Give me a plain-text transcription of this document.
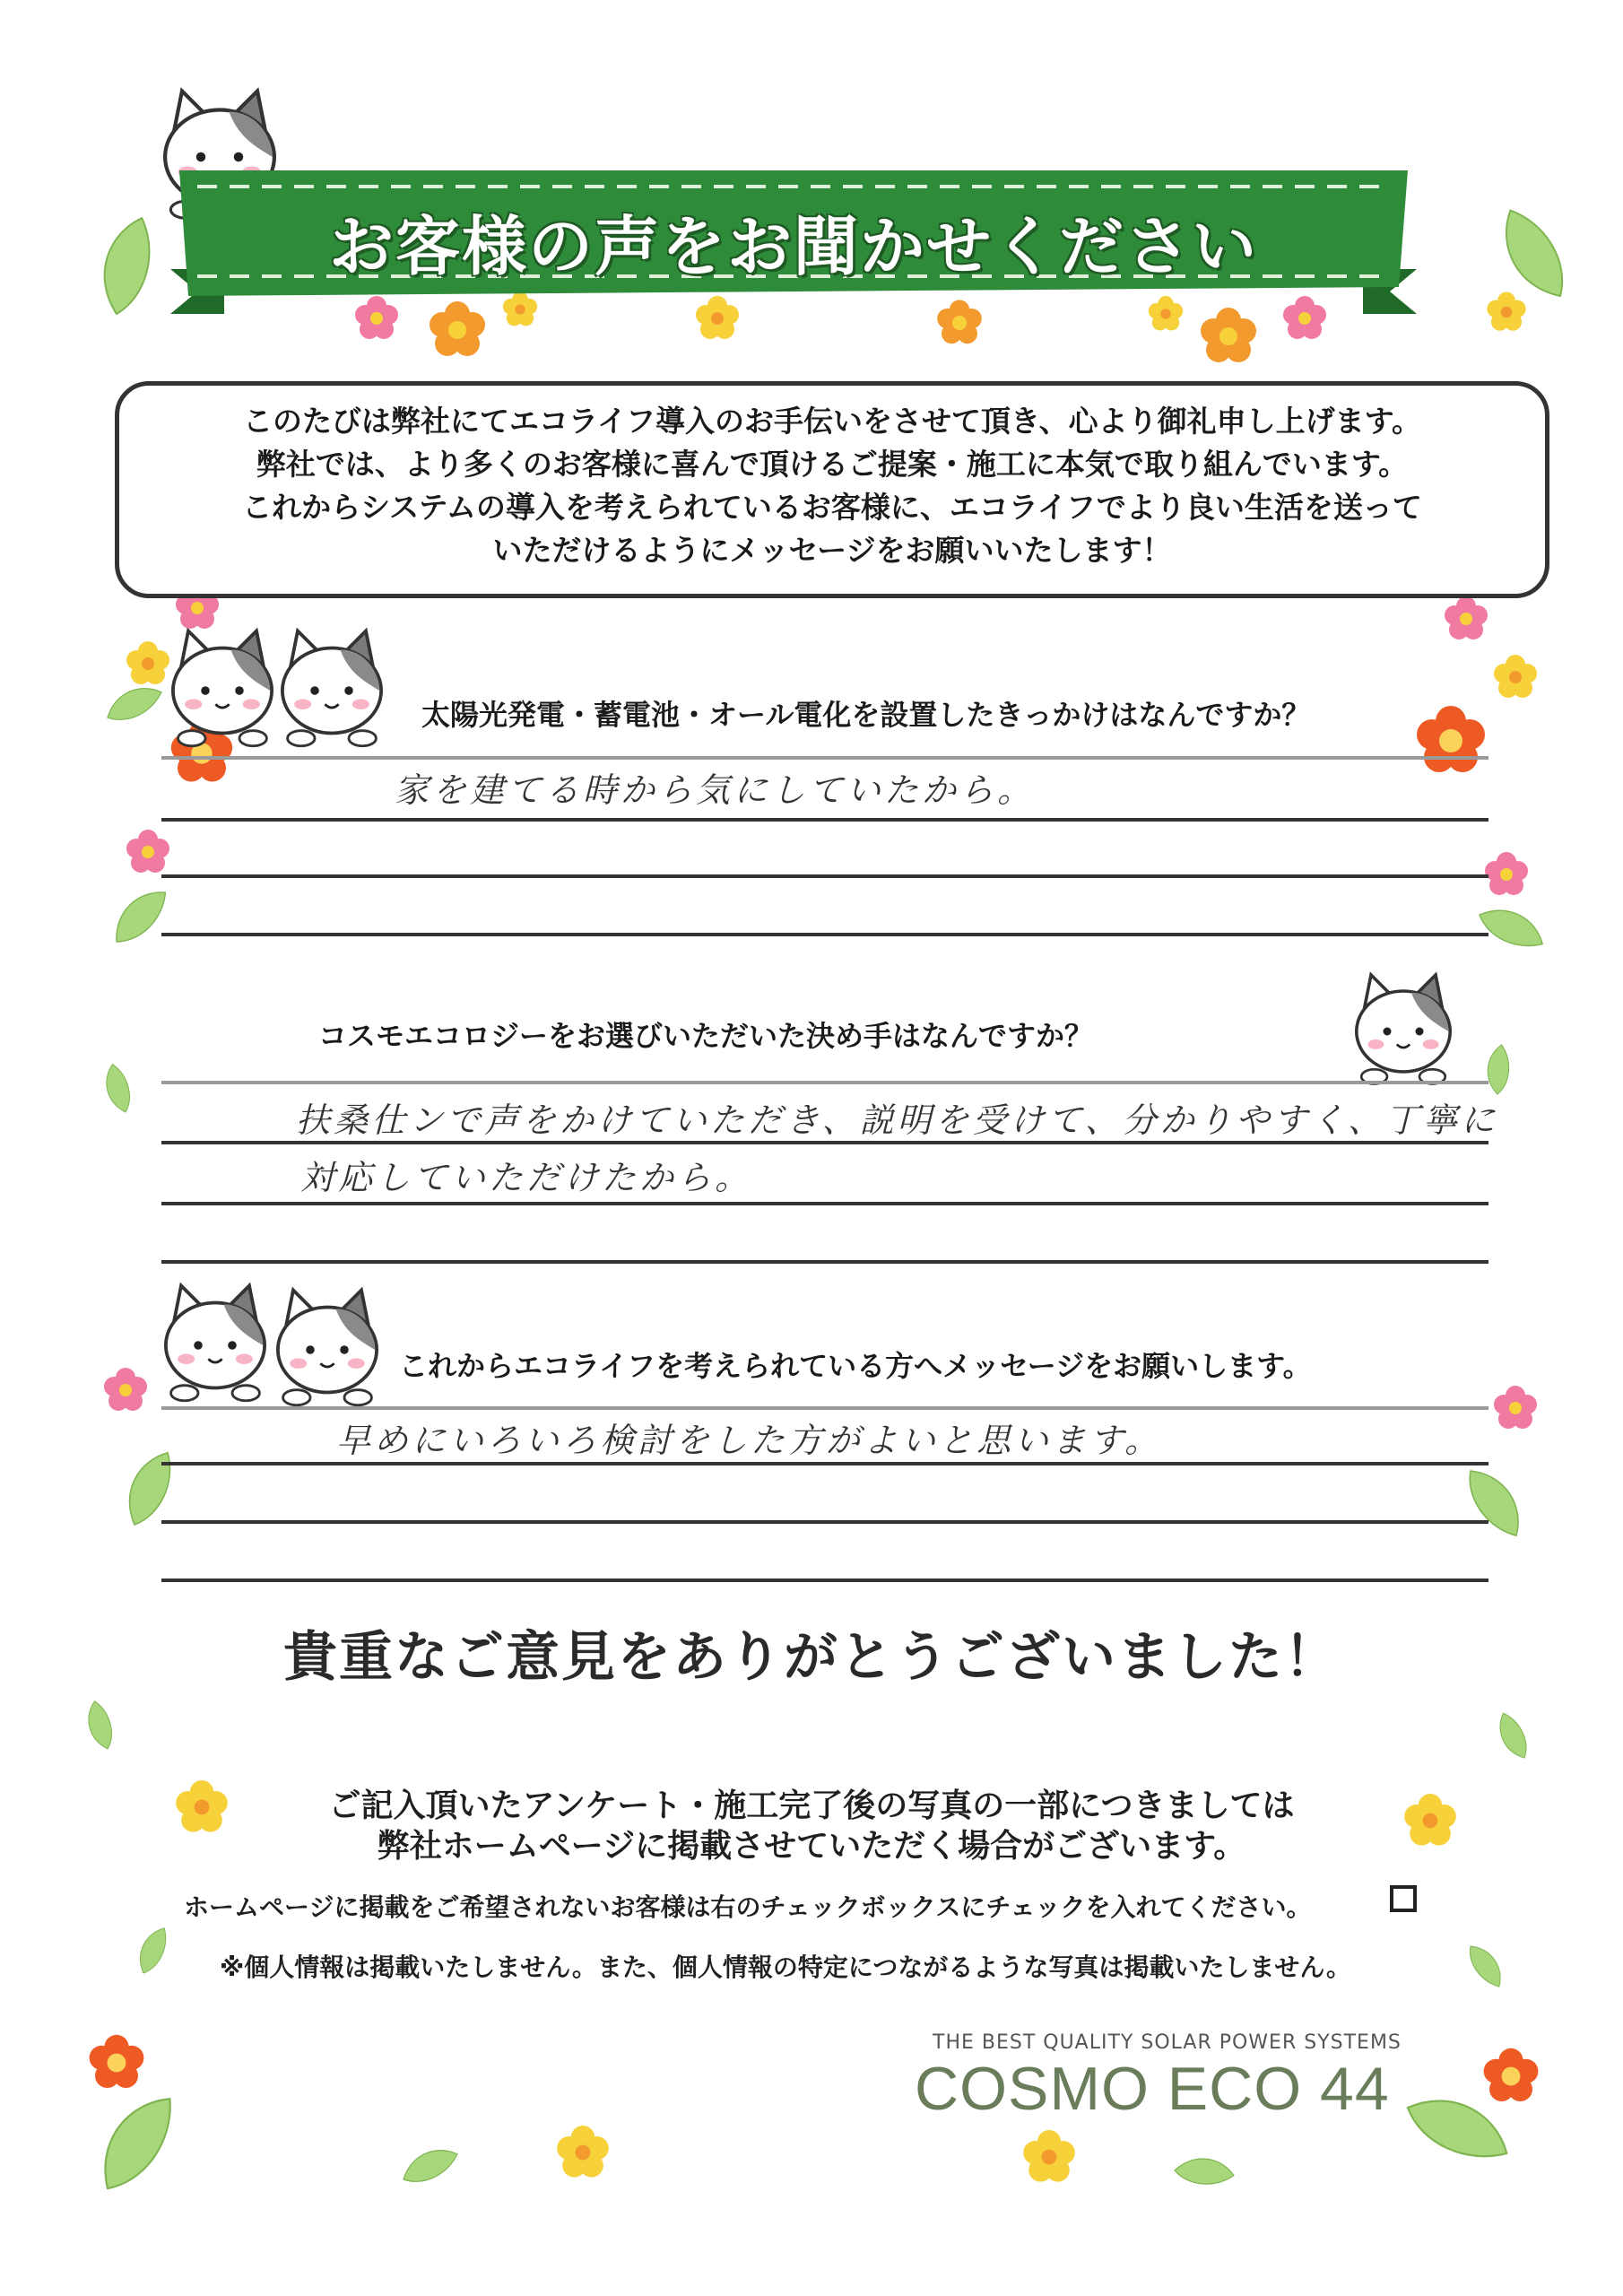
お客様の声をお聞かせください

このたびは弊社にてエコライフ導入のお手伝いをさせて頂き、心より御礼申し上げます。

弊社では、より多くのお客様に喜んで頂けるご提案・施工に本気で取り組んでいます。

これからシステムの導入を考えられているお客様に、エコライフでより良い生活を送って

いただけるようにメッセージをお願いいたします！

太陽光発電・蓄電池・オール電化を設置したきっかけはなんですか？
家を建てる時から気にしていたから。
コスモエコロジーをお選びいただいた決め手はなんですか？
扶桑仕ンで声をかけていただき、説明を受けて、分かりやすく、丁寧に
対応していただけたから。
これからエコライフを考えられている方へメッセージをお願いします。
早めにいろいろ検討をした方がよいと思います。
貴重なご意見をありがとうございました！
ご記入頂いたアンケート・施工完了後の写真の一部につきましては
弊社ホームページに掲載させていただく場合がございます。
ホームページに掲載をご希望されないお客様は右のチェックボックスにチェックを入れてください。
※個人情報は掲載いたしません。また、個人情報の特定につながるような写真は掲載いたしません。
THE BEST QUALITY SOLAR POWER SYSTEMS
COSMO ECO 44
